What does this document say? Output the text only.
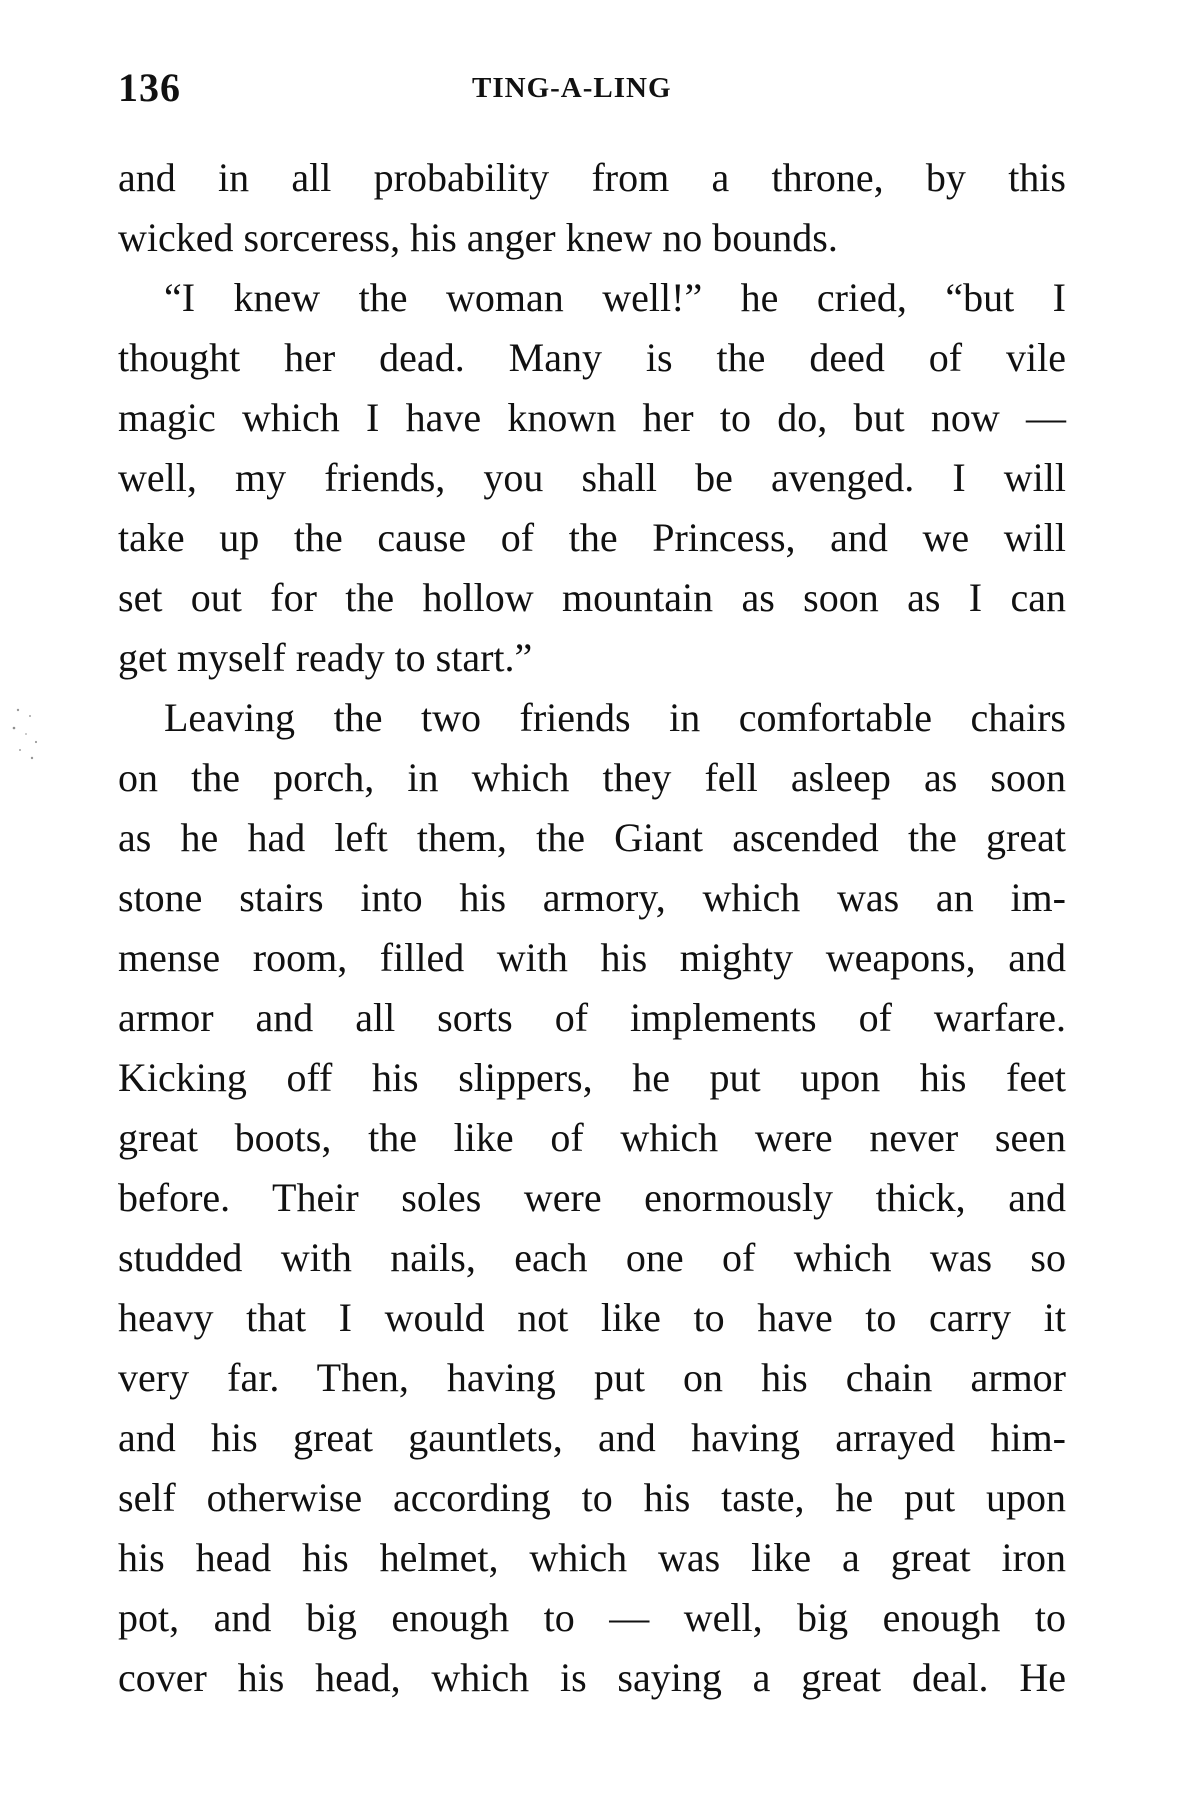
136	TING-A-LING
and in all probability from a throne, by this
wicked sorceress, his anger knew no bounds.
“I knew the woman well!” he cried, “but I
thought her dead. Many is the deed of vile
magic which I have known her to do, but now —
well, my friends, you shall be avenged. I will
take up the cause of the Princess, and we will
set out for the hollow mountain as soon as I can
get myself ready to start.”
Leaving the two friends in comfortable chairs
on the porch, in which they fell asleep as soon
as he had left them, the Giant ascended the great
stone stairs into his armory, which was an im-
mense room, filled with his mighty weapons, and
armor and all sorts of implements of warfare.
Kicking off his slippers, he put upon his feet
great boots, the like of which were never seen
before. Their soles were enormously thick, and
studded with nails, each one of which was so
heavy that I would not like to have to carry it
very far. Then, having put on his chain armor
and his great gauntlets, and having arrayed him-
self otherwise according to his taste, he put upon
his head his helmet, which was like a great iron
pot, and big enough to — well, big enough to
cover his head, which is saying a great deal. He
